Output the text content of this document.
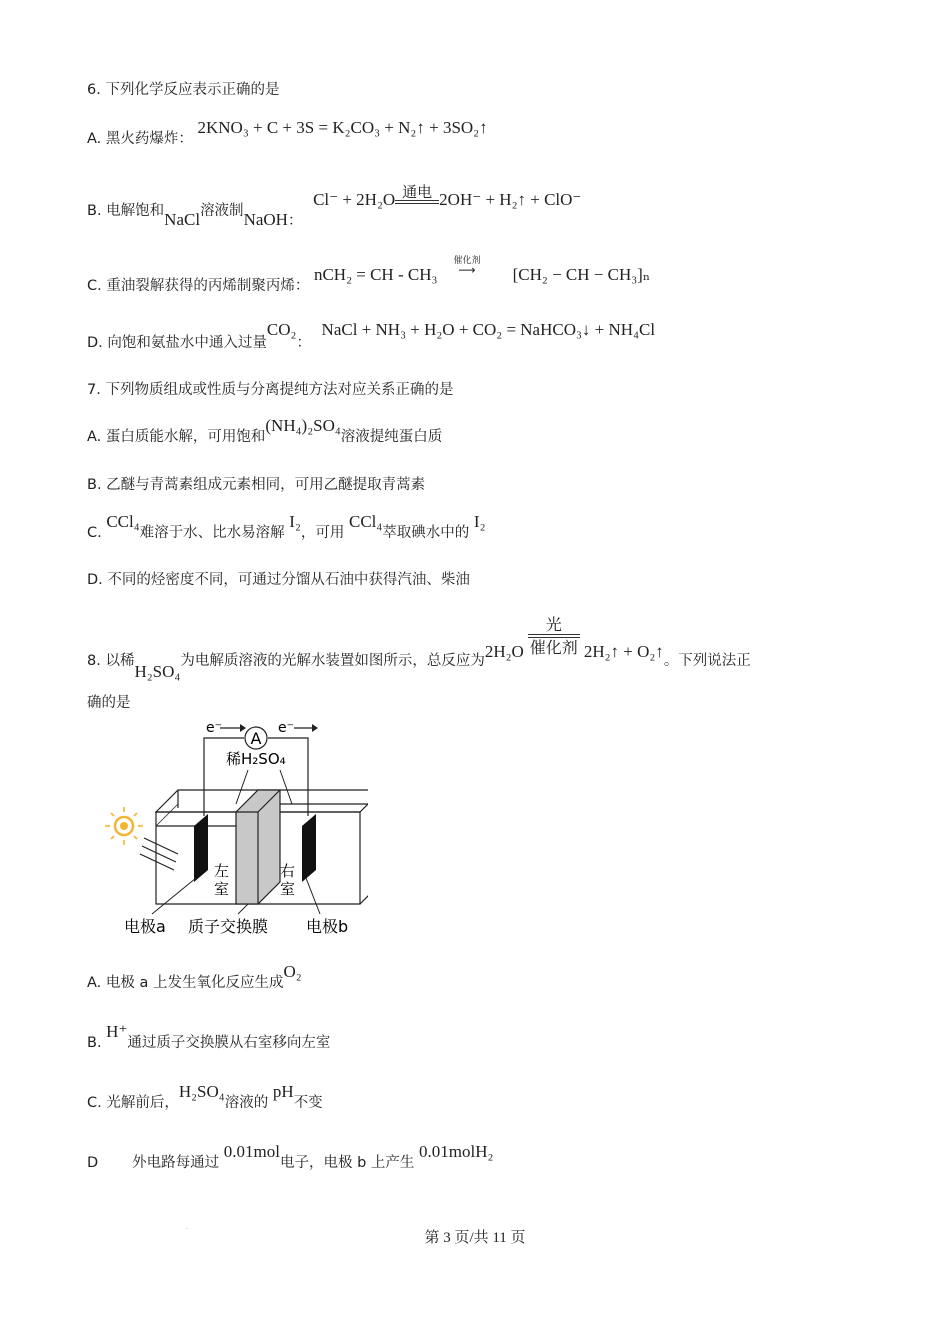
6. 下列化学反应表示正确的是
A. 黑火药爆炸： 2KNO₃ + C + 3S = K₂CO₃ + N₂↑ + 3SO₂↑
B. 电解饱和NaCl溶液制NaOH： Cl⁻ + 2H₂O 通电 2OH⁻ + H₂↑ + ClO⁻
C. 重油裂解获得的丙烯制聚丙烯： nCH₂ = CH - CH₃
催化剂
⟶	[CH₂ − CH − CH₃]ₙ
D. 向饱和氨盐水中通入过量CO₂： NaCl + NH₃ + H₂O + CO₂ = NaHCO₃↓ + NH₄Cl
7. 下列物质组成或性质与分离提纯方法对应关系正确的是
A. 蛋白质能水解，可用饱和(NH₄)₂SO₄溶液提纯蛋白质
B. 乙醚与青蒿素组成元素相同，可用乙醚提取青蒿素
C. CCl₄难溶于水、比水易溶解 I₂，可用 CCl₄萃取碘水中的 I₂
D. 不同的烃密度不同，可通过分馏从石油中获得汽油、柴油
8. 以稀H₂SO₄为电解质溶液的光解水装置如图所示，总反应为2H₂O
光
催化剂 2H₂↑ + O₂↑。下列说法正
确的是
A
e⁻	e⁻
稀H₂SO₄
左
室
右
室
电极a 质子交换膜 电极b
A. 电极 a 上发生氧化反应生成O₂
B. H⁺通过质子交换膜从右室移向左室
C. 光解前后，H₂SO₄溶液的 pH不变
D 外电路每通过 0.01mol电子，电极 b 上产生 0.01molH₂
·
第 3 页/共 11 页
